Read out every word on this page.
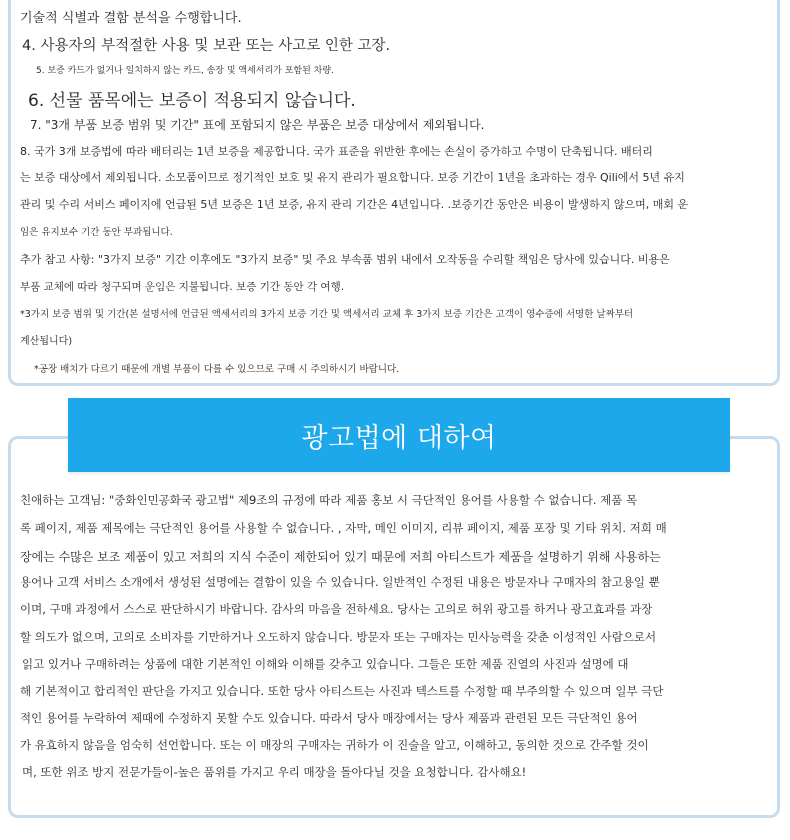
기술적 식별과 결함 분석을 수행합니다.
4. 사용자의 부적절한 사용 및 보관 또는 사고로 인한 고장.
5. 보증 카드가 없거나 일치하지 않는 카드, 송장 및 액세서리가 포함된 차량.
6. 선물 품목에는 보증이 적용되지 않습니다.
7. "3개 부품 보증 범위 및 기간" 표에 포함되지 않은 부품은 보증 대상에서 제외됩니다.
8. 국가 3개 보증법에 따라 배터리는 1년 보증을 제공합니다. 국가 표준을 위반한 후에는 손실이 증가하고 수명이 단축됩니다. 배터리
는 보증 대상에서 제외됩니다. 소모품이므로 정기적인 보호 및 유지 관리가 필요합니다. 보증 기간이 1년을 초과하는 경우 Qili에서 5년 유지
관리 및 수리 서비스 페이지에 언급된 5년 보증은 1년 보증, 유지 관리 기간은 4년입니다. .보증기간 동안은 비용이 발생하지 않으며, 매회 운
임은 유지보수 기간 동안 부과됩니다.
추가 참고 사항: "3가지 보증" 기간 이후에도 "3가지 보증" 및 주요 부속품 범위 내에서 오작동을 수리할 책임은 당사에 있습니다. 비용은
부품 교체에 따라 청구되며 운임은 지불됩니다. 보증 기간 동안 각 여행.
*3가지 보증 범위 및 기간(본 설명서에 언급된 액세서리의 3가지 보증 기간 및 액세서리 교체 후 3가지 보증 기간은 고객이 영수증에 서명한 날짜부터
계산됩니다)
*공장 배치가 다르기 때문에 개별 부품이 다를 수 있으므로 구매 시 주의하시기 바랍니다.
광고법에 대하여
친애하는 고객님: "중화인민공화국 광고법" 제9조의 규정에 따라 제품 홍보 시 극단적인 용어를 사용할 수 없습니다. 제품 목
록 페이지, 제품 제목에는 극단적인 용어를 사용할 수 없습니다. , 자막, 메인 이미지, 리뷰 페이지, 제품 포장 및 기타 위치. 저희 매
장에는 수많은 보조 제품이 있고 저희의 지식 수준이 제한되어 있기 때문에 저희 아티스트가 제품을 설명하기 위해 사용하는
용어나 고객 서비스 소개에서 생성된 설명에는 결함이 있을 수 있습니다. 일반적인 수정된 내용은 방문자나 구매자의 참고용일 뿐
이며, 구매 과정에서 스스로 판단하시기 바랍니다. 감사의 마음을 전하세요. 당사는 고의로 허위 광고를 하거나 광고효과를 과장
할 의도가 없으며, 고의로 소비자를 기만하거나 오도하지 않습니다. 방문자 또는 구매자는 민사능력을 갖춘 이성적인 사람으로서
읽고 있거나 구매하려는 상품에 대한 기본적인 이해와 이해를 갖추고 있습니다. 그들은 또한 제품 진열의 사진과 설명에 대
해 기본적이고 합리적인 판단을 가지고 있습니다. 또한 당사 아티스트는 사진과 텍스트를 수정할 때 부주의할 수 있으며 일부 극단
적인 용어를 누락하여 제때에 수정하지 못할 수도 있습니다. 따라서 당사 매장에서는 당사 제품과 관련된 모든 극단적인 용어
가 유효하지 않음을 엄숙히 선언합니다. 또는 이 매장의 구매자는 귀하가 이 진술을 알고, 이해하고, 동의한 것으로 간주할 것이
며, 또한 위조 방지 전문가들이-높은 품위를 가지고 우리 매장을 돌아다닐 것을 요청합니다. 감사해요!
